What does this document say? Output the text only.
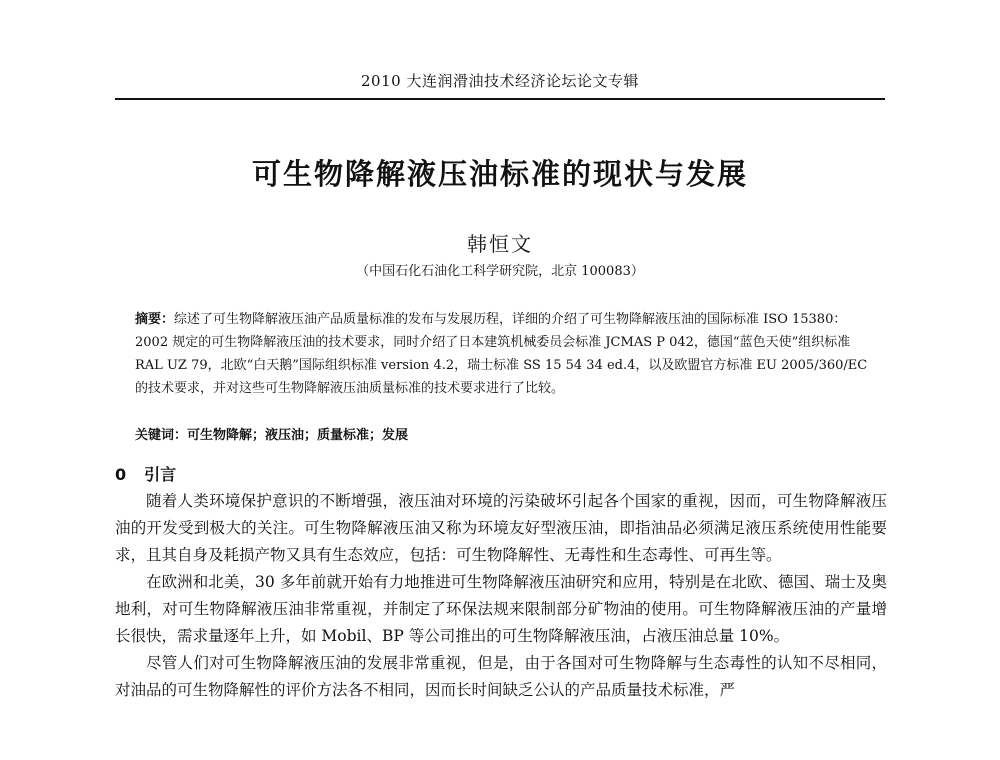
2010 大连润滑油技术经济论坛论文专辑
可生物降解液压油标准的现状与发展
韩恒文
（中国石化石油化工科学研究院，北京 100083）
摘要：综述了可生物降解液压油产品质量标准的发布与发展历程，详细的介绍了可生物降解液压油的国际标准 ISO 15380：2002 规定的可生物降解液压油的技术要求，同时介绍了日本建筑机械委员会标准 JCMAS P 042，德国“蓝色天使”组织标准 RAL UZ 79，北欧“白天鹅”国际组织标准 version 4.2，瑞士标准 SS 15 54 34 ed.4，以及欧盟官方标准 EU 2005/360/EC 的技术要求，并对这些可生物降解液压油质量标准的技术要求进行了比较。
关键词：可生物降解；液压油；质量标准；发展
0 引言

随着人类环境保护意识的不断增强，液压油对环境的污染破坏引起各个国家的重视，因而，可生物降解液压油的开发受到极大的关注。可生物降解液压油又称为环境友好型液压油，即指油品必须满足液压系统使用性能要求，且其自身及耗损产物又具有生态效应，包括：可生物降解性、无毒性和生态毒性、可再生等。

在欧洲和北美，30 多年前就开始有力地推进可生物降解液压油研究和应用，特别是在北欧、德国、瑞士及奥地利，对可生物降解液压油非常重视，并制定了环保法规来限制部分矿物油的使用。可生物降解液压油的产量增长很快，需求量逐年上升，如 Mobil、BP 等公司推出的可生物降解液压油，占液压油总量 10%。

尽管人们对可生物降解液压油的发展非常重视，但是，由于各国对可生物降解与生态毒性的认知不尽相同，对油品的可生物降解性的评价方法各不相同，因而长时间缺乏公认的产品质量技术标准，严
